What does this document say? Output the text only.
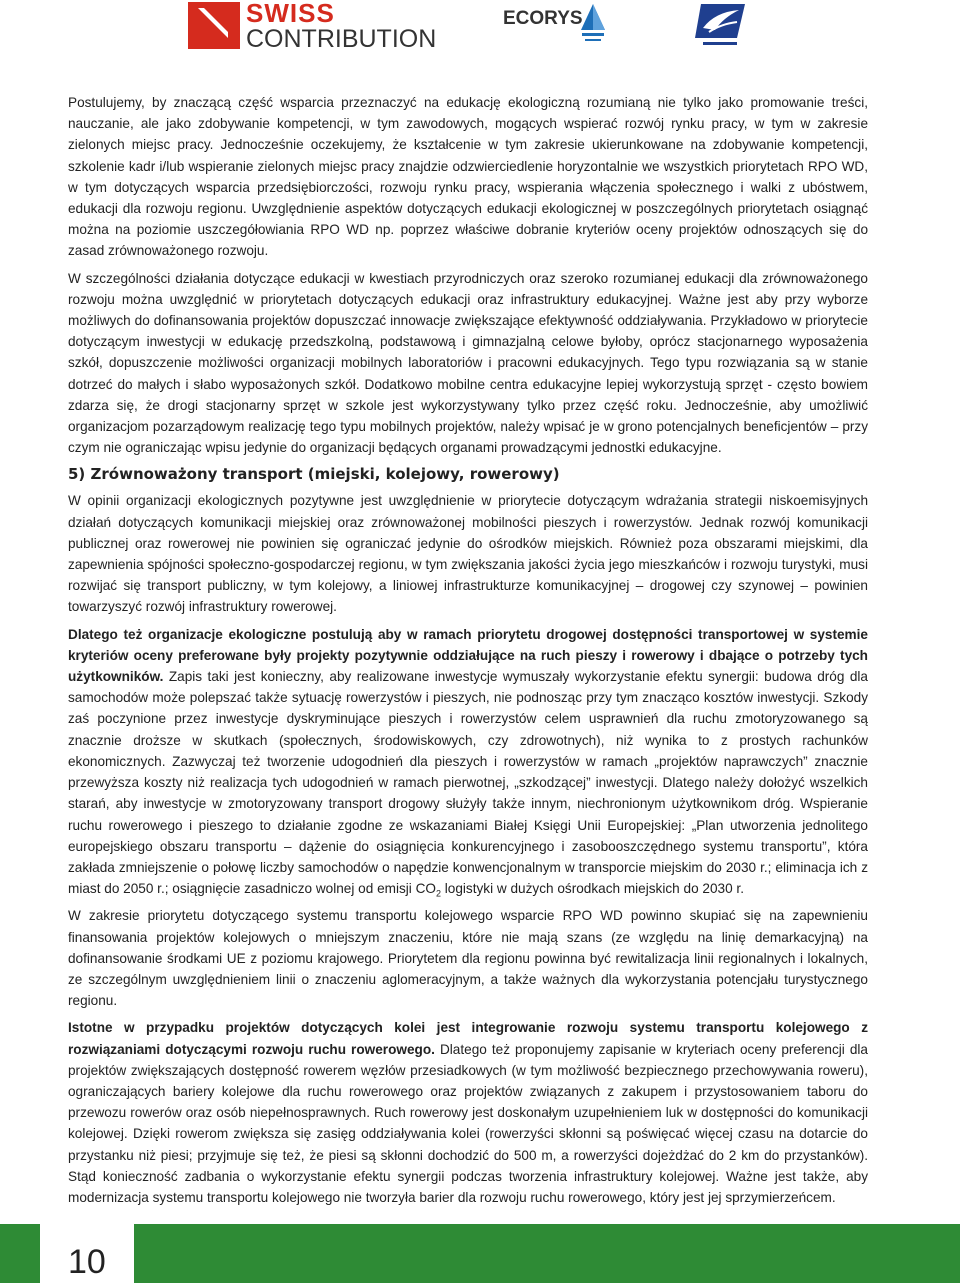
SWISS
CONTRIBUTION
ECORYS

Postulujemy, by znaczącą część wsparcia przeznaczyć na edukację ekologiczną rozumianą nie tylko jako promowanie treści, nauczanie, ale jako zdobywanie kompetencji, w tym zawodowych, mogących wspierać rozwój rynku pracy, w tym w zakresie zielonych miejsc pracy. Jednocześnie oczekujemy, że kształcenie w tym zakresie ukierunkowane na zdobywanie kompetencji, szkolenie kadr i/lub wspieranie zielonych miejsc pracy znajdzie odzwierciedlenie horyzontalnie we wszystkich priorytetach RPO WD, w tym dotyczących wsparcia przedsiębiorczości, rozwoju rynku pracy, wspierania włączenia społecznego i walki z ubóstwem, edukacji dla rozwoju regionu. Uwzględnienie aspektów dotyczących edukacji ekologicznej w poszczególnych priorytetach osiągnąć można na poziomie uszczegółowiania RPO WD np. poprzez właściwe dobranie kryteriów oceny projektów odnoszących się do zasad zrównoważonego rozwoju.

W szczególności działania dotyczące edukacji w kwestiach przyrodniczych oraz szeroko rozumianej edukacji dla zrównoważonego rozwoju można uwzględnić w priorytetach dotyczących edukacji oraz infrastruktury edukacyjnej. Ważne jest aby przy wyborze możliwych do dofinansowania projektów dopuszczać innowacje zwiększające efektywność oddziaływania. Przykładowo w priorytecie dotyczącym inwestycji w edukację przedszkolną, podstawową i gimnazjalną celowe byłoby, oprócz stacjonarnego wyposażenia szkół, dopuszczenie możliwości organizacji mobilnych laboratoriów i pracowni edukacyjnych. Tego typu rozwiązania są w stanie dotrzeć do małych i słabo wyposażonych szkół. Dodatkowo mobilne centra edukacyjne lepiej wykorzystują sprzęt - często bowiem zdarza się, że drogi stacjonarny sprzęt w szkole jest wykorzystywany tylko przez część roku. Jednocześnie, aby umożliwić organizacjom pozarządowym realizację tego typu mobilnych projektów, należy wpisać je w grono potencjalnych beneficjentów – przy czym nie ograniczając wpisu jedynie do organizacji będących organami prowadzącymi jednostki edukacyjne.

5) Zrównoważony transport (miejski, kolejowy, rowerowy)

W opinii organizacji ekologicznych pozytywne jest uwzględnienie w priorytecie dotyczącym wdrażania strategii niskoemisyjnych działań dotyczących komunikacji miejskiej oraz zrównoważonej mobilności pieszych i rowerzystów. Jednak rozwój komunikacji publicznej oraz rowerowej nie powinien się ograniczać jedynie do ośrodków miejskich. Również poza obszarami miejskimi, dla zapewnienia spójności społeczno-gospodarczej regionu, w tym zwiększania jakości życia jego mieszkańców i rozwoju turystyki, musi rozwijać się transport publiczny, w tym kolejowy, a liniowej infrastrukturze komunikacyjnej – drogowej czy szynowej – powinien towarzyszyć rozwój infrastruktury rowerowej.

Dlatego też organizacje ekologiczne postulują aby w ramach priorytetu drogowej dostępności transportowej w systemie kryteriów oceny preferowane były projekty pozytywnie oddziałujące na ruch pieszy i rowerowy i dbające o potrzeby tych użytkowników. Zapis taki jest konieczny, aby realizowane inwestycje wymuszały wykorzystanie efektu synergii: budowa dróg dla samochodów może polepszać także sytuację rowerzystów i pieszych, nie podnosząc przy tym znacząco kosztów inwestycji. Szkody zaś poczynione przez inwestycje dyskryminujące pieszych i rowerzystów celem usprawnień dla ruchu zmotoryzowanego są znacznie droższe w skutkach (społecznych, środowiskowych, czy zdrowotnych), niż wynika to z prostych rachunków ekonomicznych. Zazwyczaj też tworzenie udogodnień dla pieszych i rowerzystów w ramach „projektów naprawczych” znacznie przewyższa koszty niż realizacja tych udogodnień w ramach pierwotnej, „szkodzącej” inwestycji. Dlatego należy dołożyć wszelkich starań, aby inwestycje w zmotoryzowany transport drogowy służyły także innym, niechronionym użytkownikom dróg. Wspieranie ruchu rowerowego i pieszego to działanie zgodne ze wskazaniami Białej Księgi Unii Europejskiej: „Plan utworzenia jednolitego europejskiego obszaru transportu – dążenie do osiągnięcia konkurencyjnego i zasobooszczędnego systemu transportu”, która zakłada zmniejszenie o połowę liczby samochodów o napędzie konwencjonalnym w transporcie miejskim do 2030 r.; eliminacja ich z miast do 2050 r.; osiągnięcie zasadniczo wolnej od emisji $CO_2$ logistyki w dużych ośrodkach miejskich do 2030 r.

W zakresie priorytetu dotyczącego systemu transportu kolejowego wsparcie RPO WD powinno skupiać się na zapewnieniu finansowania projektów kolejowych o mniejszym znaczeniu, które nie mają szans (ze względu na linię demarkacyjną) na dofinansowanie środkami UE z poziomu krajowego. Priorytetem dla regionu powinna być rewitalizacja linii regionalnych i lokalnych, ze szczególnym uwzględnieniem linii o znaczeniu aglomeracyjnym, a także ważnych dla wykorzystania potencjału turystycznego regionu.

Istotne w przypadku projektów dotyczących kolei jest integrowanie rozwoju systemu transportu kolejowego z rozwiązaniami dotyczącymi rozwoju ruchu rowerowego. Dlatego też proponujemy zapisanie w kryteriach oceny preferencji dla projektów zwiększających dostępność rowerem węzłów przesiadkowych (w tym możliwość bezpiecznego przechowywania roweru), ograniczających bariery kolejowe dla ruchu rowerowego oraz projektów związanych z zakupem i przystosowaniem taboru do przewozu rowerów oraz osób niepełnosprawnych. Ruch rowerowy jest doskonałym uzupełnieniem luk w dostępności do komunikacji kolejowej. Dzięki rowerom zwiększa się zasięg oddziaływania kolei (rowerzyści skłonni są poświęcać więcej czasu na dotarcie do przystanku niż piesi; przyjmuje się też, że piesi są skłonni dochodzić do 500 m, a rowerzyści dojeżdżać do 2 km do przystanków). Stąd konieczność zadbania o wykorzystanie efektu synergii podczas tworzenia infrastruktury kolejowej. Ważne jest także, aby modernizacja systemu transportu kolejowego nie tworzyła barier dla rozwoju ruchu rowerowego, który jest jej sprzymierzeńcem.

10
